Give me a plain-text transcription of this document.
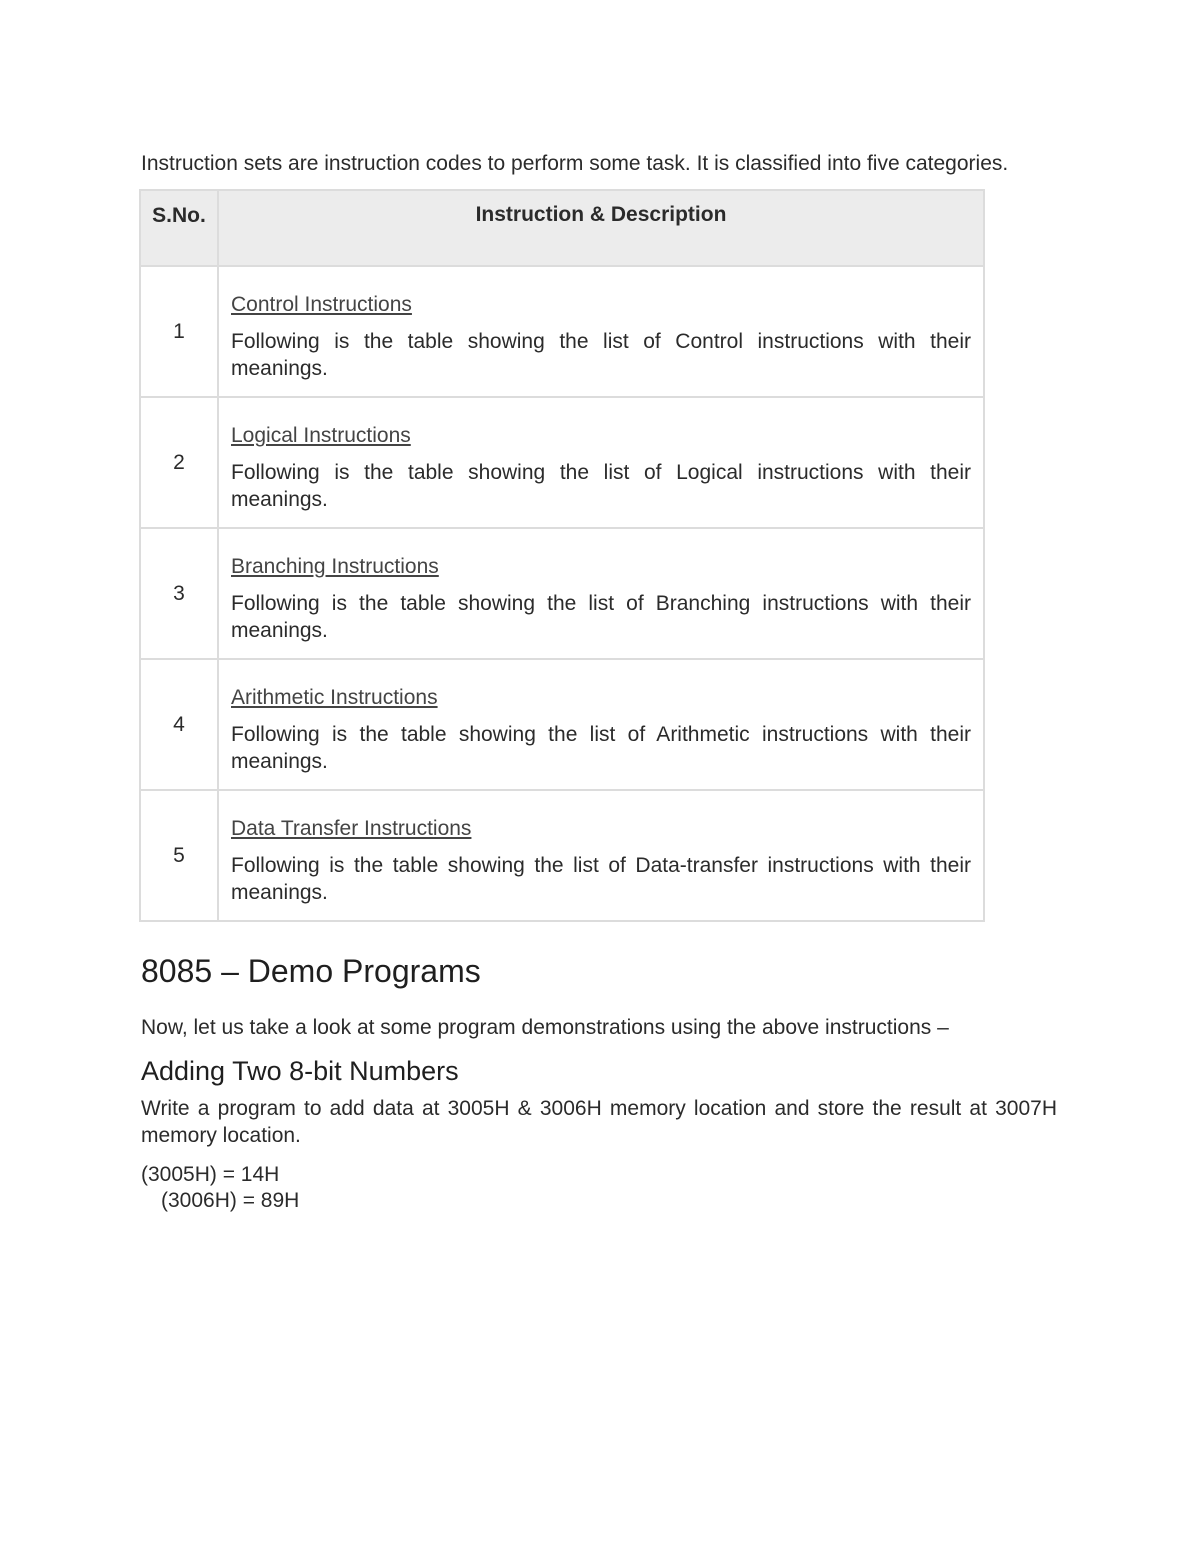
Instruction sets are instruction codes to perform some task. It is classified into five categories.

S.No.	Instruction & Description
1	Control Instructions
Following is the table showing the list of Control instructions with their meanings.

2	Logical Instructions
Following is the table showing the list of Logical instructions with their meanings.

3	Branching Instructions
Following is the table showing the list of Branching instructions with their meanings.

4	Arithmetic Instructions
Following is the table showing the list of Arithmetic instructions with their meanings.

5	Data Transfer Instructions
Following is the table showing the list of Data-transfer instructions with their meanings.
8085 – Demo Programs

Now, let us take a look at some program demonstrations using the above instructions –

Adding Two 8-bit Numbers

Write a program to add data at 3005H & 3006H memory location and store the result at 3007H memory location.

(3005H) = 14H
(3006H) = 89H
